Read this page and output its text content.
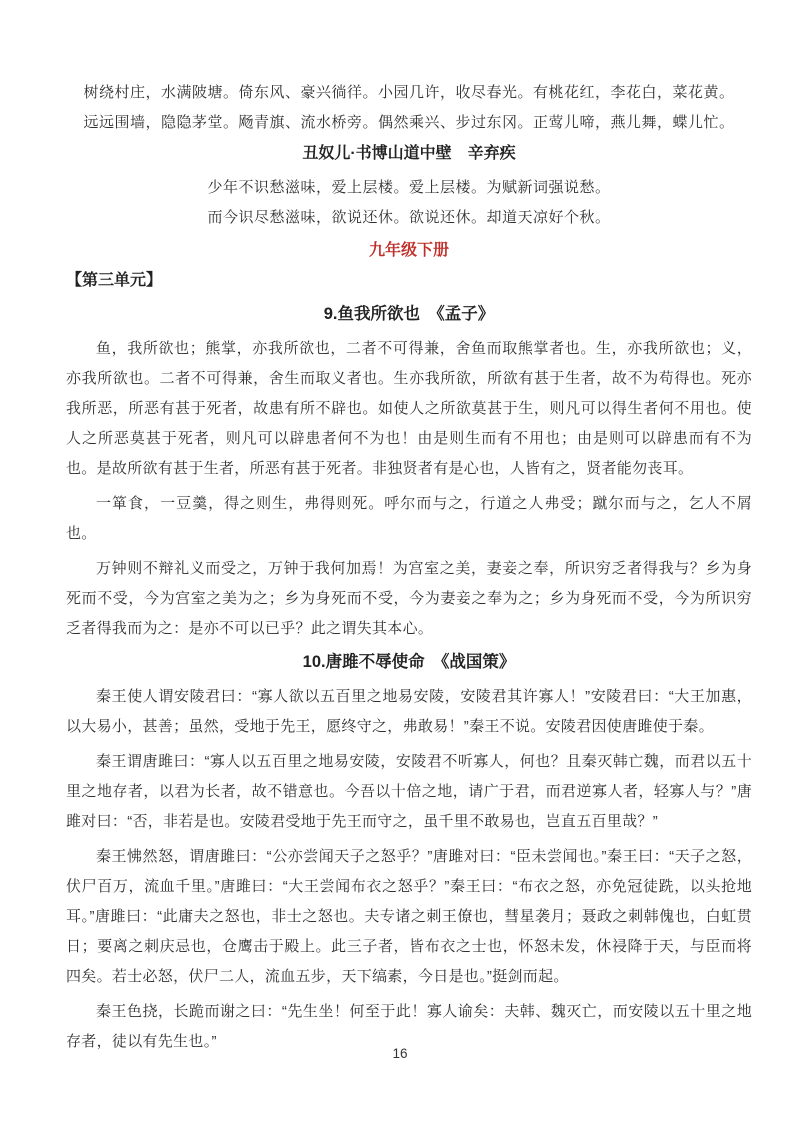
树绕村庄，水满陂塘。倚东风、豪兴徜徉。小园几许，收尽春光。有桃花红，李花白，菜花黄。
远远围墙，隐隐茅堂。飏青旗、流水桥旁。偶然乘兴、步过东冈。正莺儿啼，燕儿舞，蝶儿忙。
丑奴儿·书博山道中壁　辛弃疾
少年不识愁滋味，爱上层楼。爱上层楼。为赋新词强说愁。
而今识尽愁滋味，欲说还休。欲说还休。却道天凉好个秋。
九年级下册
【第三单元】
9.鱼我所欲也　《孟子》

鱼，我所欲也；熊掌，亦我所欲也，二者不可得兼，舍鱼而取熊掌者也。生，亦我所欲也；义，亦我所欲也。二者不可得兼，舍生而取义者也。生亦我所欲，所欲有甚于生者，故不为苟得也。死亦我所恶，所恶有甚于死者，故患有所不辟也。如使人之所欲莫甚于生，则凡可以得生者何不用也。使人之所恶莫甚于死者，则凡可以辟患者何不为也！由是则生而有不用也；由是则可以辟患而有不为也。是故所欲有甚于生者，所恶有甚于死者。非独贤者有是心也，人皆有之，贤者能勿丧耳。

一箪食，一豆羹，得之则生，弗得则死。呼尔而与之，行道之人弗受；蹴尔而与之，乞人不屑也。

万钟则不辩礼义而受之，万钟于我何加焉！为宫室之美，妻妾之奉，所识穷乏者得我与？乡为身死而不受，今为宫室之美为之；乡为身死而不受，今为妻妾之奉为之；乡为身死而不受，今为所识穷乏者得我而为之：是亦不可以已乎？此之谓失其本心。

10.唐雎不辱使命　《战国策》

秦王使人谓安陵君曰：“寡人欲以五百里之地易安陵，安陵君其许寡人！”安陵君曰：“大王加惠，以大易小，甚善；虽然，受地于先王，愿终守之，弗敢易！”秦王不说。安陵君因使唐雎使于秦。

秦王谓唐雎曰：“寡人以五百里之地易安陵，安陵君不听寡人，何也？且秦灭韩亡魏，而君以五十里之地存者，以君为长者，故不错意也。今吾以十倍之地，请广于君，而君逆寡人者，轻寡人与？”唐雎对曰：“否，非若是也。安陵君受地于先王而守之，虽千里不敢易也，岂直五百里哉？”

秦王怫然怒，谓唐雎曰：“公亦尝闻天子之怒乎？”唐雎对曰：“臣未尝闻也。”秦王曰：“天子之怒，伏尸百万，流血千里。”唐雎曰：“大王尝闻布衣之怒乎？”秦王曰：“布衣之怒，亦免冠徒跣，以头抢地耳。”唐雎曰：“此庸夫之怒也，非士之怒也。夫专诸之刺王僚也，彗星袭月；聂政之刺韩傀也，白虹贯日；要离之刺庆忌也，仓鹰击于殿上。此三子者，皆布衣之士也，怀怒未发，休祲降于天，与臣而将四矣。若士必怒，伏尸二人，流血五步，天下缟素，今日是也。”挺剑而起。

秦王色挠，长跪而谢之曰：“先生坐！何至于此！寡人谕矣：夫韩、魏灭亡，而安陵以五十里之地存者，徒以有先生也。”

16
